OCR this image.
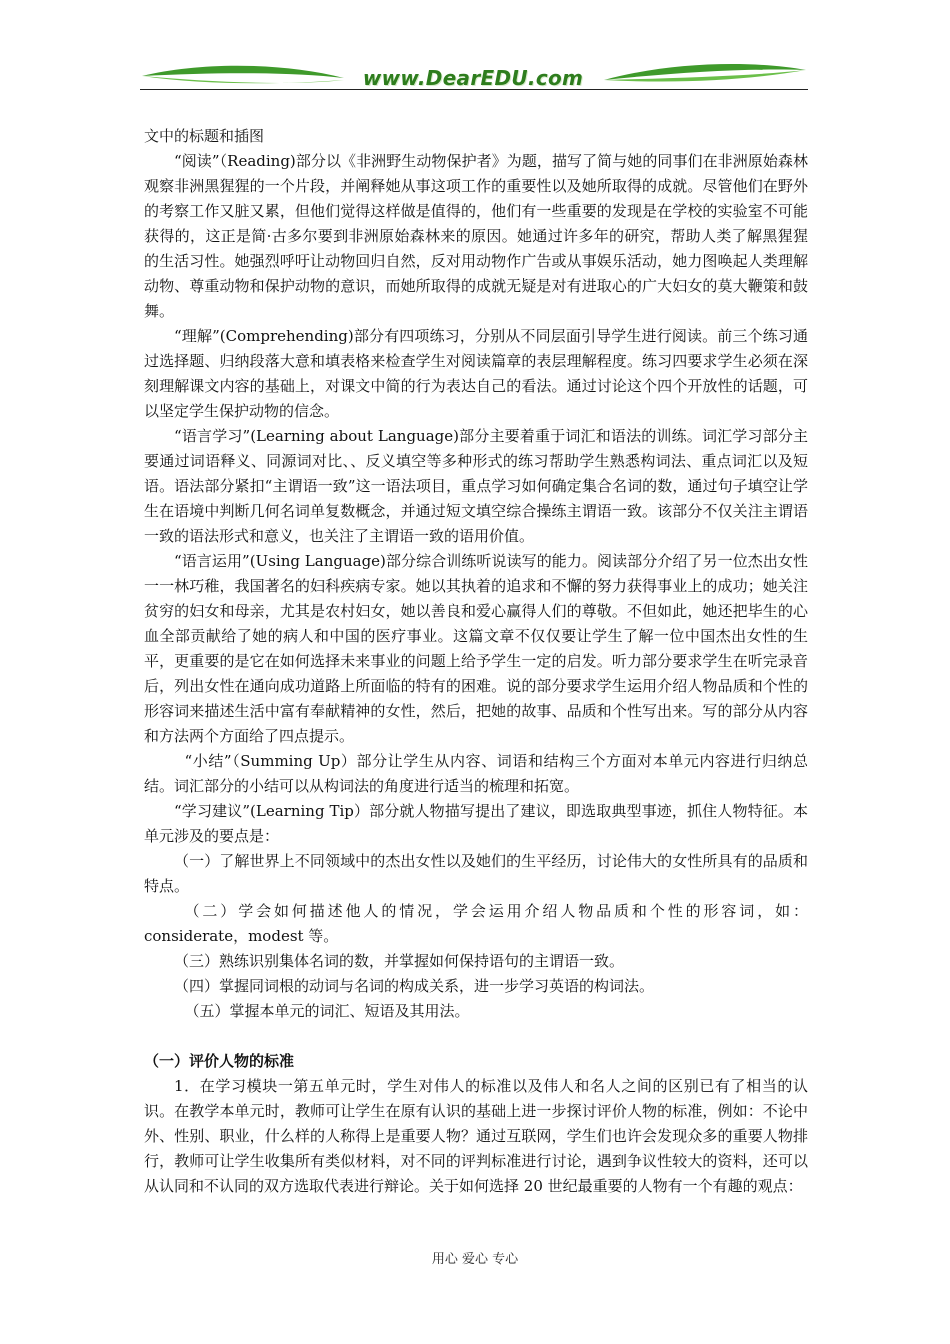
www.DearEDU.com

文中的标题和插图

“阅读”（Reading)部分以《非洲野生动物保护者》为题，描写了简与她的同事们在非洲原始森林观察非洲黑猩猩的一个片段，并阐释她从事这项工作的重要性以及她所取得的成就。尽管他们在野外的考察工作又脏又累，但他们觉得这样做是值得的，他们有一些重要的发现是在学校的实验室不可能获得的，这正是简·古多尔要到非洲原始森林来的原因。她通过许多年的研究，帮助人类了解黑猩猩的生活习性。她强烈呼吁让动物回归自然，反对用动物作广告或从事娱乐活动，她力图唤起人类理解动物、尊重动物和保护动物的意识，而她所取得的成就无疑是对有进取心的广大妇女的莫大鞭策和鼓舞。

“理解”(Comprehending)部分有四项练习，分别从不同层面引导学生进行阅读。前三个练习通过选择题、归纳段落大意和填表格来检查学生对阅读篇章的表层理解程度。练习四要求学生必须在深刻理解课文内容的基础上，对课文中简的行为表达自己的看法。通过讨论这个四个开放性的话题，可以坚定学生保护动物的信念。

“语言学习”(Learning about Language)部分主要着重于词汇和语法的训练。词汇学习部分主要通过词语释义、同源词对比、、反义填空等多种形式的练习帮助学生熟悉构词法、重点词汇以及短语。语法部分紧扣“主谓语一致”这一语法项目，重点学习如何确定集合名词的数，通过句子填空让学生在语境中判断几何名词单复数概念，并通过短文填空综合操练主谓语一致。该部分不仅关注主谓语一致的语法形式和意义，也关注了主谓语一致的语用价值。

“语言运用”(Using Language)部分综合训练听说读写的能力。阅读部分介绍了另一位杰出女性一一林巧稚，我国著名的妇科疾病专家。她以其执着的追求和不懈的努力获得事业上的成功；她关注贫穷的妇女和母亲，尤其是农村妇女，她以善良和爱心赢得人们的尊敬。不但如此，她还把毕生的心血全部贡献给了她的病人和中国的医疗事业。这篇文章不仅仅要让学生了解一位中国杰出女性的生平，更重要的是它在如何选择未来事业的问题上给予学生一定的启发。听力部分要求学生在听完录音后，列出女性在通向成功道路上所面临的特有的困难。说的部分要求学生运用介绍人物品质和个性的形容词来描述生活中富有奉献精神的女性，然后，把她的故事、品质和个性写出来。写的部分从内容和方法两个方面给了四点提示。

“小结”（Summing Up）部分让学生从内容、词语和结构三个方面对本单元内容进行归纳总结。词汇部分的小结可以从构词法的角度进行适当的梳理和拓宽。

“学习建议”(Learning Tip）部分就人物描写提出了建议，即选取典型事迹，抓住人物特征。本单元涉及的要点是：

（一）了解世界上不同领域中的杰出女性以及她们的生平经历，讨论伟大的女性所具有的品质和特点。

（二）学会如何描述他人的情况，学会运用介绍人物品质和个性的形容词，如：considerate，modest 等。

（三）熟练识别集体名词的数，并掌握如何保持语句的主谓语一致。

（四）掌握同词根的动词与名词的构成关系，进一步学习英语的构词法。

（五）掌握本单元的词汇、短语及其用法。

（一）评价人物的标准

1．在学习模块一第五单元时，学生对伟人的标准以及伟人和名人之间的区别已有了相当的认识。在教学本单元时，教师可让学生在原有认识的基础上进一步探讨评价人物的标准，例如：不论中外、性别、职业，什么样的人称得上是重要人物？通过互联网，学生们也许会发现众多的重要人物排行，教师可让学生收集所有类似材料，对不同的评判标准进行讨论，遇到争议性较大的资料，还可以从认同和不认同的双方选取代表进行辩论。关于如何选择 20 世纪最重要的人物有一个有趣的观点：

用心 爱心 专心
